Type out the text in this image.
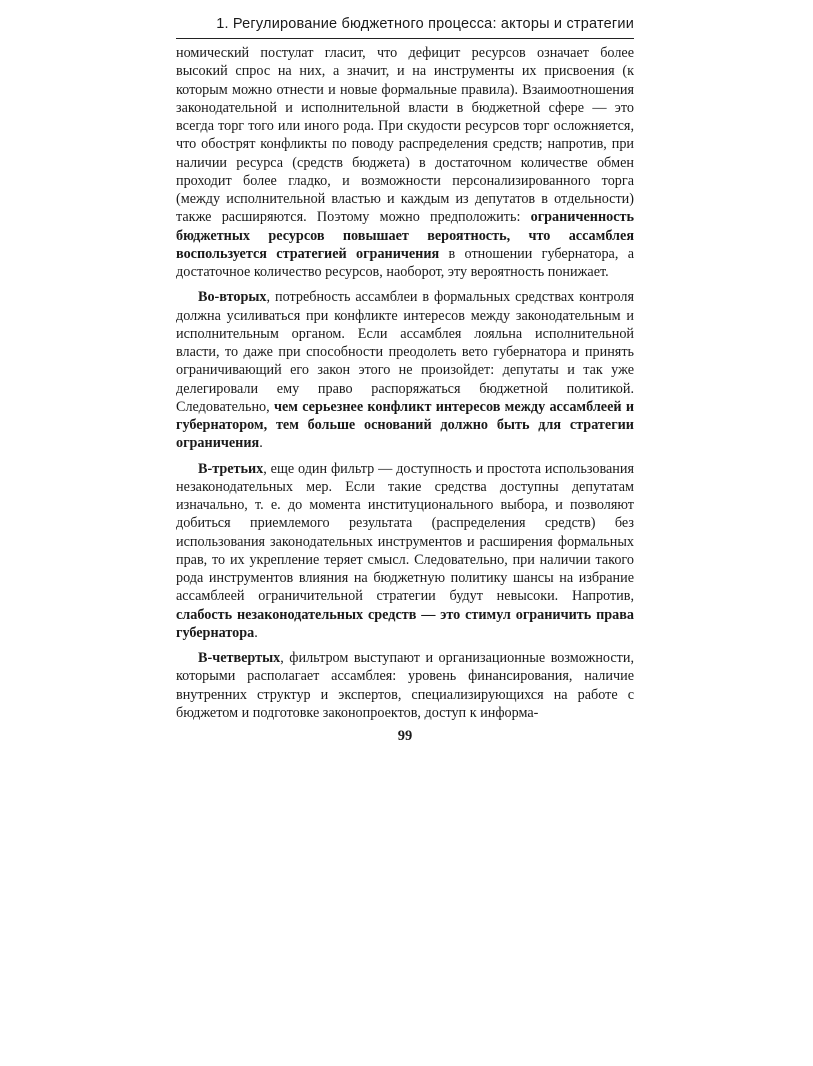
1. Регулирование бюджетного процесса: акторы и стратегии

номический постулат гласит, что дефицит ресурсов означает более высокий спрос на них, а значит, и на инструменты их присвоения (к которым можно отнести и новые формальные правила). Взаимоотношения законодательной и исполнительной власти в бюджетной сфере — это всегда торг того или иного рода. При скудости ресурсов торг осложняется, что обострят конфликты по поводу распределения средств; напротив, при наличии ресурса (средств бюджета) в достаточном количестве обмен проходит более гладко, и возможности персонализированного торга (между исполнительной властью и каждым из депутатов в отдельности) также расширяются. Поэтому можно предположить: ограниченность бюджетных ресурсов повышает вероятность, что ассамблея воспользуется стратегией ограничения в отношении губернатора, а достаточное количество ресурсов, наоборот, эту вероятность понижает.

Во-вторых, потребность ассамблеи в формальных средствах контроля должна усиливаться при конфликте интересов между законодательным и исполнительным органом. Если ассамблея лояльна исполнительной власти, то даже при способности преодолеть вето губернатора и принять ограничивающий его закон этого не произойдет: депутаты и так уже делегировали ему право распоряжаться бюджетной политикой. Следовательно, чем серьезнее конфликт интересов между ассамблеей и губернатором, тем больше оснований должно быть для стратегии ограничения.

В-третьих, еще один фильтр — доступность и простота использования незаконодательных мер. Если такие средства доступны депутатам изначально, т. е. до момента институционального выбора, и позволяют добиться приемлемого результата (распределения средств) без использования законодательных инструментов и расширения формальных прав, то их укрепление теряет смысл. Следовательно, при наличии такого рода инструментов влияния на бюджетную политику шансы на избрание ассамблеей ограничительной стратегии будут невысоки. Напротив, слабость незаконодательных средств — это стимул ограничить права губернатора.

В-четвертых, фильтром выступают и организационные возможности, которыми располагает ассамблея: уровень финансирования, наличие внутренних структур и экспертов, специализирующихся на работе с бюджетом и подготовке законопроектов, доступ к информа-

99
